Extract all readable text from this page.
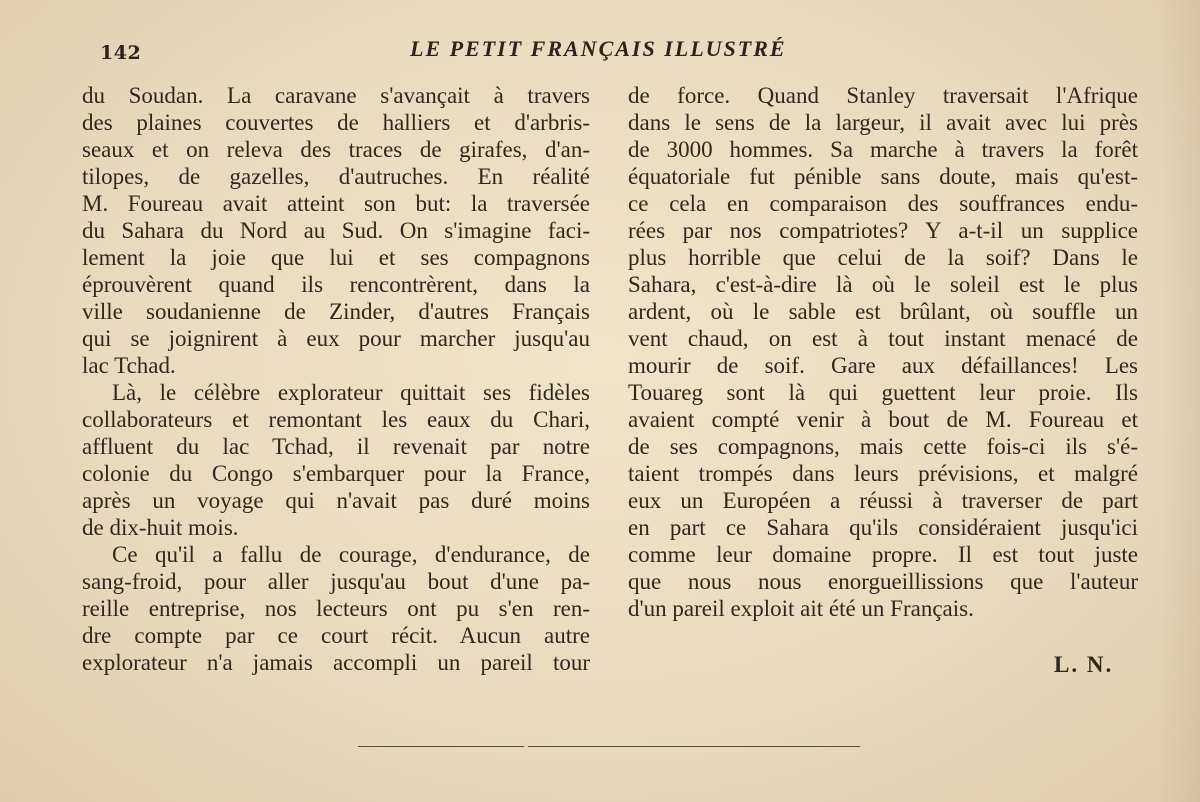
142	LE PETIT FRANÇAIS ILLUSTRÉ
du Soudan. La caravane s'avançait à travers
des plaines couvertes de halliers et d'arbris-
seaux et on releva des traces de girafes, d'an-
tilopes, de gazelles, d'autruches. En réalité
M. Foureau avait atteint son but: la traversée
du Sahara du Nord au Sud. On s'imagine faci-
lement la joie que lui et ses compagnons
éprouvèrent quand ils rencontrèrent, dans la
ville soudanienne de Zinder, d'autres Français
qui se joignirent à eux pour marcher jusqu'au
lac Tchad.
Là, le célèbre explorateur quittait ses fidèles
collaborateurs et remontant les eaux du Chari,
affluent du lac Tchad, il revenait par notre
colonie du Congo s'embarquer pour la France,
après un voyage qui n'avait pas duré moins
de dix-huit mois.
Ce qu'il a fallu de courage, d'endurance, de
sang-froid, pour aller jusqu'au bout d'une pa-
reille entreprise, nos lecteurs ont pu s'en ren-
dre compte par ce court récit. Aucun autre
explorateur n'a jamais accompli un pareil tour
de force. Quand Stanley traversait l'Afrique
dans le sens de la largeur, il avait avec lui près
de 3000 hommes. Sa marche à travers la forêt
équatoriale fut pénible sans doute, mais qu'est-
ce cela en comparaison des souffrances endu-
rées par nos compatriotes? Y a-t-il un supplice
plus horrible que celui de la soif? Dans le
Sahara, c'est-à-dire là où le soleil est le plus
ardent, où le sable est brûlant, où souffle un
vent chaud, on est à tout instant menacé de
mourir de soif. Gare aux défaillances! Les
Touareg sont là qui guettent leur proie. Ils
avaient compté venir à bout de M. Foureau et
de ses compagnons, mais cette fois-ci ils s'é-
taient trompés dans leurs prévisions, et malgré
eux un Européen a réussi à traverser de part
en part ce Sahara qu'ils considéraient jusqu'ici
comme leur domaine propre. Il est tout juste
que nous nous enorgueillissions que l'auteur
d'un pareil exploit ait été un Français.
L. N.
